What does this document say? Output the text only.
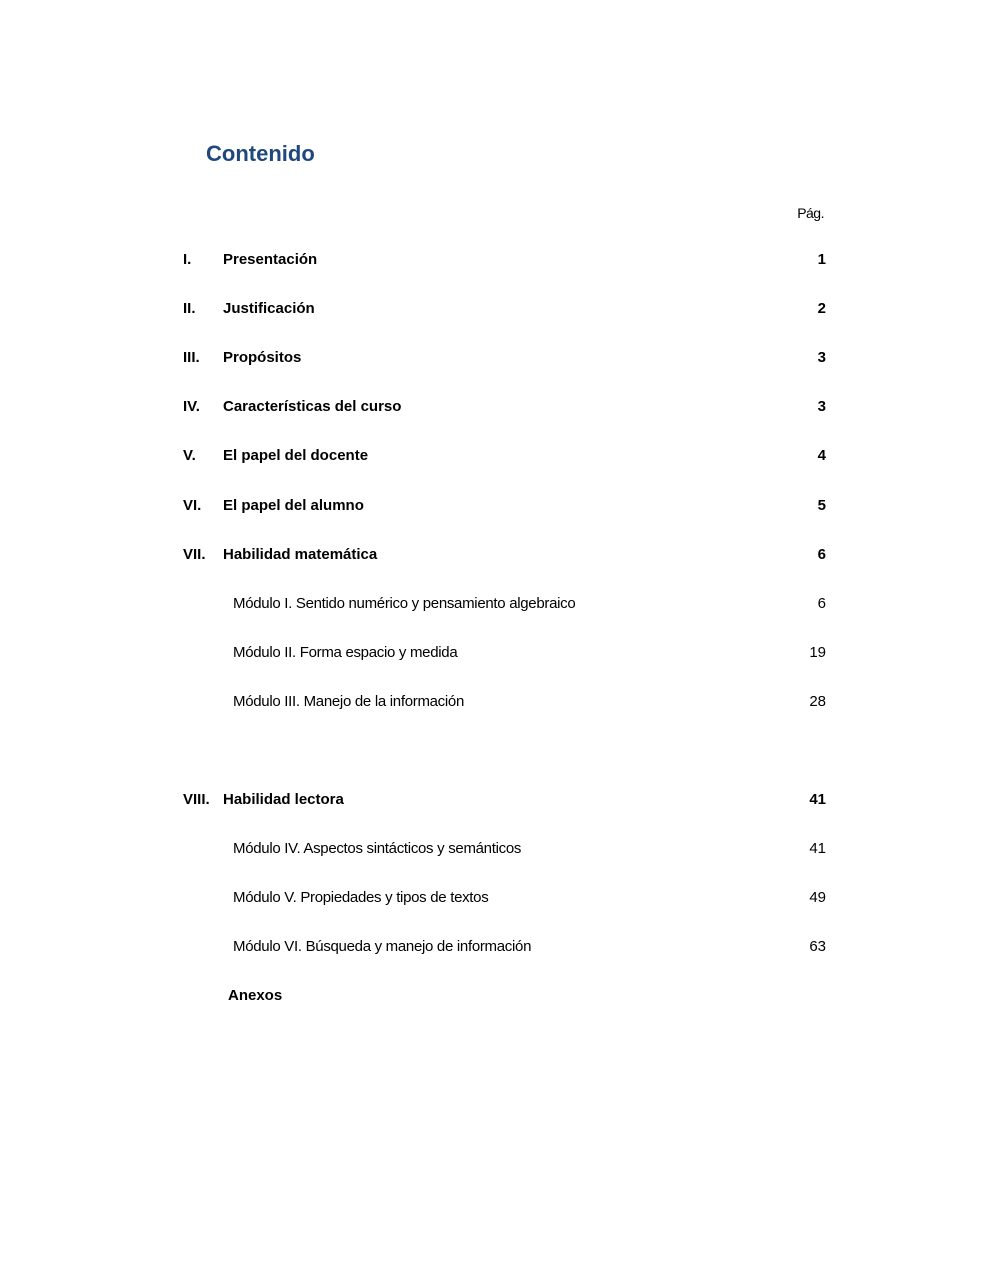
Contenido
Pág.
I. Presentación	1
II. Justificación	2
III. Propósitos	3
IV. Características del curso	3
V. El papel del docente	4
VI. El papel del alumno	5
VII. Habilidad matemática	6
Módulo I. Sentido numérico y pensamiento algebraico	6
Módulo II. Forma espacio y medida	19
Módulo III. Manejo de la información	28
VIII. Habilidad lectora	41
Módulo IV. Aspectos sintácticos y semánticos	41
Módulo V. Propiedades y tipos de textos	49
Módulo VI. Búsqueda y manejo de información	63
Anexos
